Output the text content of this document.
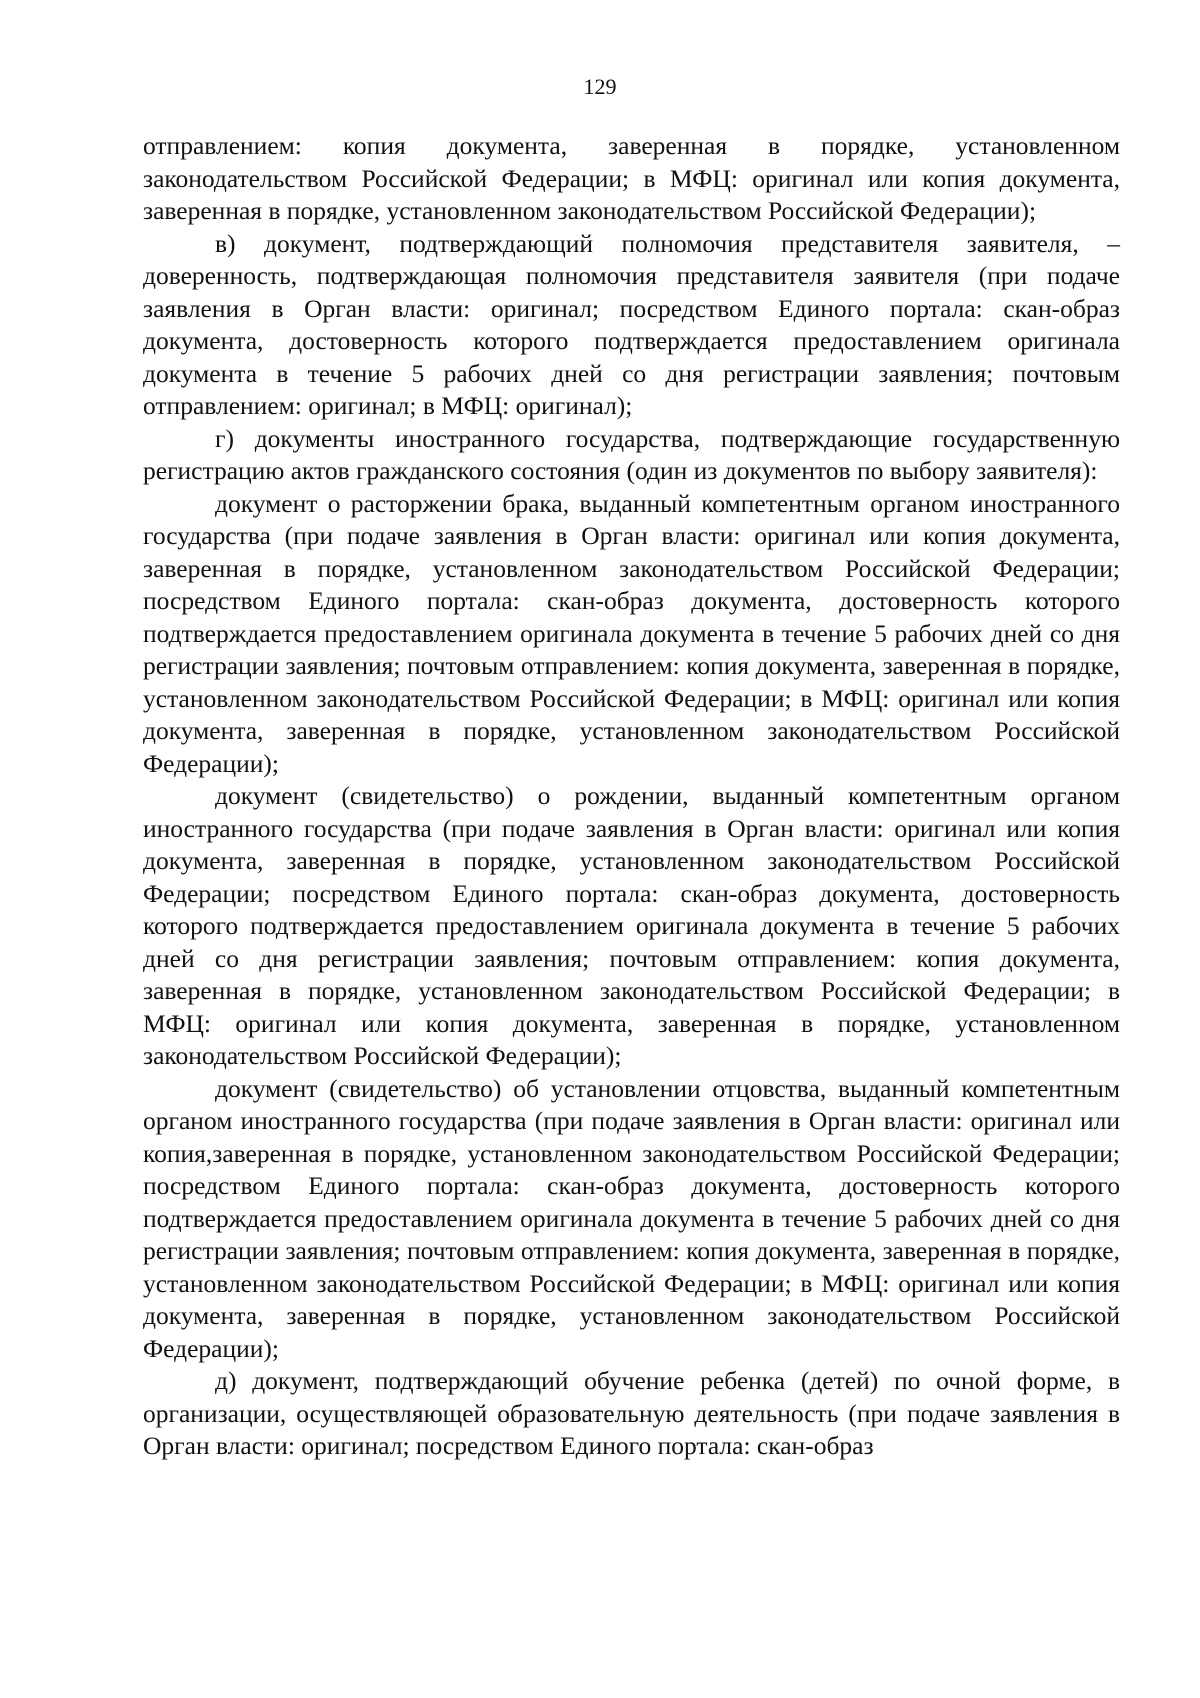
129

отправлением: копия документа, заверенная в порядке, установленном законодательством Российской Федерации; в МФЦ: оригинал или копия документа, заверенная в порядке, установленном законодательством Российской Федерации);

в) документ, подтверждающий полномочия представителя заявителя, – доверенность, подтверждающая полномочия представителя заявителя (при подаче заявления в Орган власти: оригинал; посредством Единого портала: скан-образ документа, достоверность которого подтверждается предоставлением оригинала документа в течение 5 рабочих дней со дня регистрации заявления; почтовым отправлением: оригинал; в МФЦ: оригинал);

г) документы иностранного государства, подтверждающие государственную регистрацию актов гражданского состояния (один из документов по выбору заявителя):

документ о расторжении брака, выданный компетентным органом иностранного государства (при подаче заявления в Орган власти: оригинал или копия документа, заверенная в порядке, установленном законодательством Российской Федерации; посредством Единого портала: скан-образ документа, достоверность которого подтверждается предоставлением оригинала документа в течение 5 рабочих дней со дня регистрации заявления; почтовым отправлением: копия документа, заверенная в порядке, установленном законодательством Российской Федерации; в МФЦ: оригинал или копия документа, заверенная в порядке, установленном законодательством Российской Федерации);

документ (свидетельство) о рождении, выданный компетентным органом иностранного государства (при подаче заявления в Орган власти: оригинал или копия документа, заверенная в порядке, установленном законодательством Российской Федерации; посредством Единого портала: скан-образ документа, достоверность которого подтверждается предоставлением оригинала документа в течение 5 рабочих дней со дня регистрации заявления; почтовым отправлением: копия документа, заверенная в порядке, установленном законодательством Российской Федерации; в МФЦ: оригинал или копия документа, заверенная в порядке, установленном законодательством Российской Федерации);

документ (свидетельство) об установлении отцовства, выданный компетентным органом иностранного государства (при подаче заявления в Орган власти: оригинал или копия,заверенная в порядке, установленном законодательством Российской Федерации; посредством Единого портала: скан-образ документа, достоверность которого подтверждается предоставлением оригинала документа в течение 5 рабочих дней со дня регистрации заявления; почтовым отправлением: копия документа, заверенная в порядке, установленном законодательством Российской Федерации; в МФЦ: оригинал или копия документа, заверенная в порядке, установленном законодательством Российской Федерации);

д) документ, подтверждающий обучение ребенка (детей) по очной форме, в организации, осуществляющей образовательную деятельность (при подаче заявления в Орган власти: оригинал; посредством Единого портала: скан-образ
